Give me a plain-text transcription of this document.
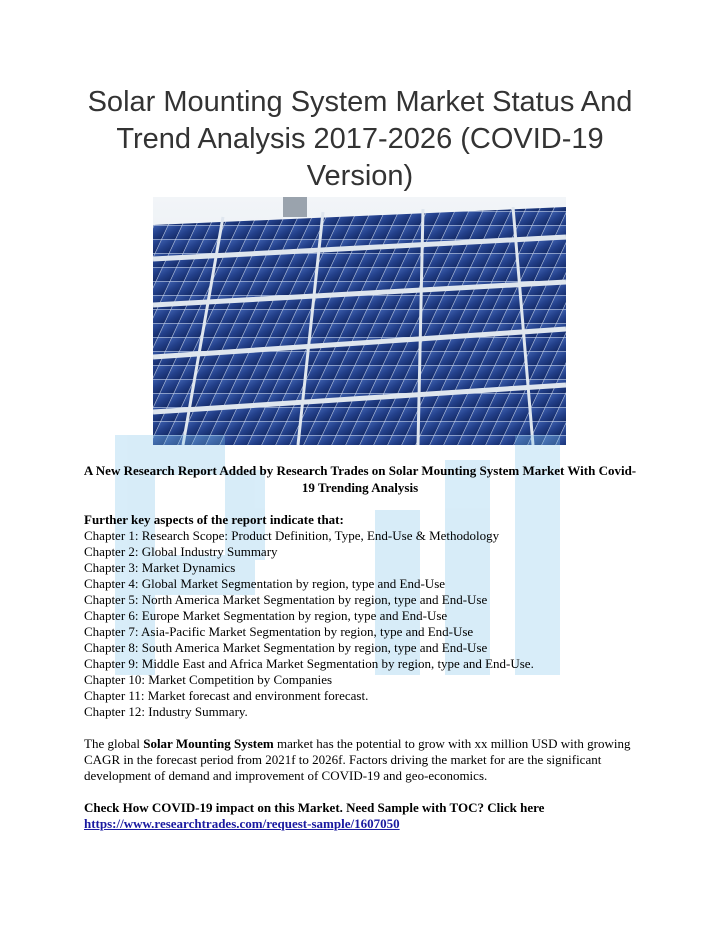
Solar Mounting System Market Status And Trend Analysis 2017-2026 (COVID-19 Version)

A New Research Report Added by Research Trades on Solar Mounting System Market With Covid-19 Trending Analysis

Further key aspects of the report indicate that:

Chapter 1: Research Scope: Product Definition, Type, End-Use & Methodology

Chapter 2: Global Industry Summary

Chapter 3: Market Dynamics

Chapter 4: Global Market Segmentation by region, type and End-Use

Chapter 5: North America Market Segmentation by region, type and End-Use

Chapter 6: Europe Market Segmentation by region, type and End-Use

Chapter 7: Asia-Pacific Market Segmentation by region, type and End-Use

Chapter 8: South America Market Segmentation by region, type and End-Use

Chapter 9: Middle East and Africa Market Segmentation by region, type and End-Use.

Chapter 10: Market Competition by Companies

Chapter 11: Market forecast and environment forecast.

Chapter 12: Industry Summary.

The global Solar Mounting System market has the potential to grow with xx million USD with growing CAGR in the forecast period from 2021f to 2026f. Factors driving the market for are the significant development of demand and improvement of COVID-19 and geo-economics.

Check How COVID-19 impact on this Market. Need Sample with TOC? Click here

https://www.researchtrades.com/request-sample/1607050
